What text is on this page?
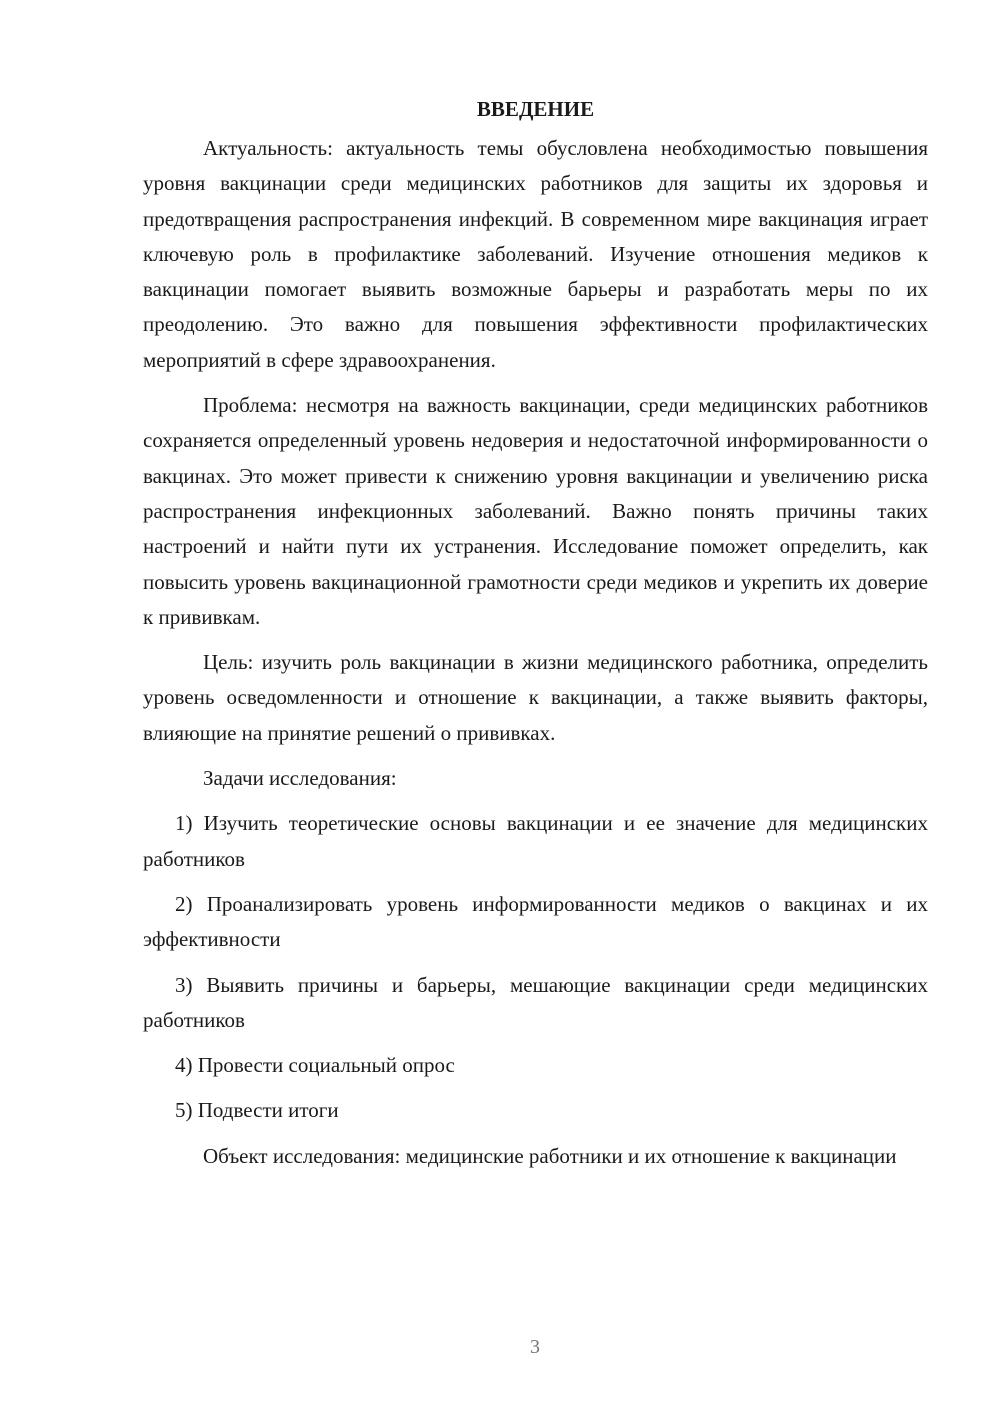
ВВЕДЕНИЕ

Актуальность: актуальность темы обусловлена необходимостью повышения уровня вакцинации среди медицинских работников для защиты их здоровья и предотвращения распространения инфекций. В современном мире вакцинация играет ключевую роль в профилактике заболеваний. Изучение отношения медиков к вакцинации помогает выявить возможные барьеры и разработать меры по их преодолению. Это важно для повышения эффективности профилактических мероприятий в сфере здравоохранения.

Проблема: несмотря на важность вакцинации, среди медицинских работников сохраняется определенный уровень недоверия и недостаточной информированности о вакцинах. Это может привести к снижению уровня вакцинации и увеличению риска распространения инфекционных заболеваний. Важно понять причины таких настроений и найти пути их устранения. Исследование поможет определить, как повысить уровень вакцинационной грамотности среди медиков и укрепить их доверие к прививкам.

Цель: изучить роль вакцинации в жизни медицинского работника, определить уровень осведомленности и отношение к вакцинации, а также выявить факторы, влияющие на принятие решений о прививках.

Задачи исследования:

1) Изучить теоретические основы вакцинации и ее значение для медицинских работников

2) Проанализировать уровень информированности медиков о вакцинах и их эффективности

3) Выявить причины и барьеры, мешающие вакцинации среди медицинских работников

4) Провести социальный опрос

5) Подвести итоги

Объект исследования: медицинские работники и их отношение к вакцинации

3
